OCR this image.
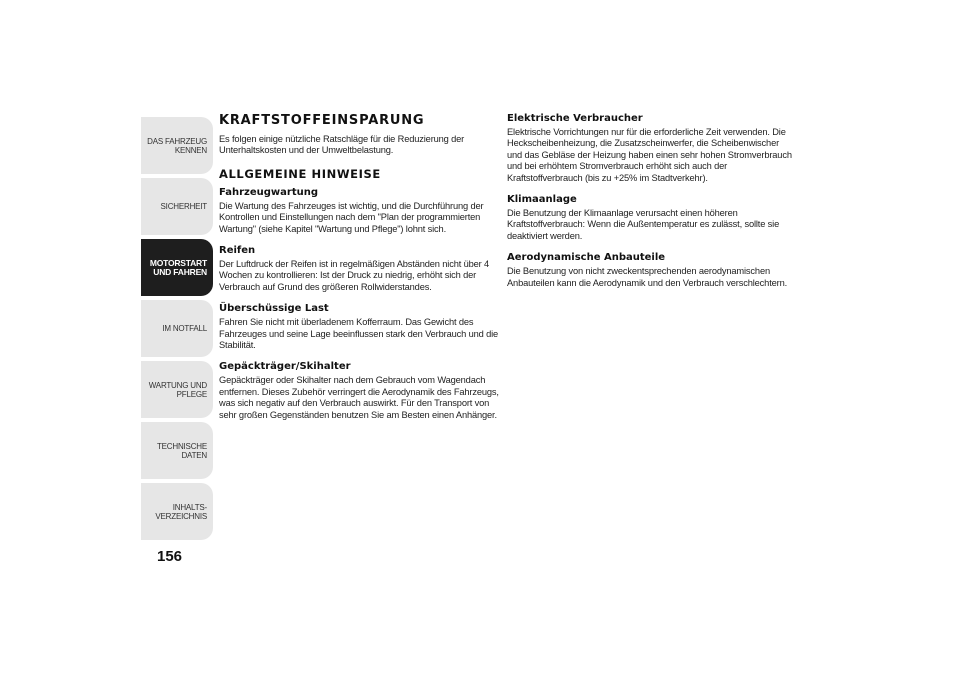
DAS FAHRZEUG
KENNEN
SICHERHEIT
MOTORSTART
UND FAHREN
IM NOTFALL
WARTUNG UND
PFLEGE
TECHNISCHE DATEN
INHALTS-
VERZEICHNIS
156
KRAFTSTOFFEINSPARUNG

Es folgen einige nützliche Ratschläge für die Reduzierung der Unterhaltskosten und der Umweltbelastung.

ALLGEMEINE HINWEISE
Fahrzeugwartung

Die Wartung des Fahrzeuges ist wichtig, und die Durchführung der Kontrollen und Einstellungen nach dem "Plan der programmierten Wartung" (siehe Kapitel "Wartung und Pflege") lohnt sich.

Reifen

Der Luftdruck der Reifen ist in regelmäßigen Abständen nicht über 4 Wochen zu kontrollieren: Ist der Druck zu niedrig, erhöht sich der Verbrauch auf Grund des größeren Rollwiderstandes.

Überschüssige Last

Fahren Sie nicht mit überladenem Kofferraum. Das Gewicht des Fahrzeuges und seine Lage beeinflussen stark den Verbrauch und die Stabilität.

Gepäckträger/Skihalter

Gepäckträger oder Skihalter nach dem Gebrauch vom Wagendach entfernen. Dieses Zubehör verringert die Aerodynamik des Fahrzeugs, was sich negativ auf den Verbrauch auswirkt. Für den Transport von sehr großen Gegenständen benutzen Sie am Besten einen Anhänger.

Elektrische Verbraucher

Elektrische Vorrichtungen nur für die erforderliche Zeit verwenden. Die Heckscheibenheizung, die Zusatzscheinwerfer, die Scheibenwischer und das Gebläse der Heizung haben einen sehr hohen Stromverbrauch und bei erhöhtem Stromverbrauch erhöht sich auch der Kraftstoffverbrauch (bis zu +25% im Stadtverkehr).

Klimaanlage

Die Benutzung der Klimaanlage verursacht einen höheren Kraftstoffverbrauch: Wenn die Außentemperatur es zulässt, sollte sie deaktiviert werden.

Aerodynamische Anbauteile

Die Benutzung von nicht zweckentsprechenden aerodynamischen Anbauteilen kann die Aerodynamik und den Verbrauch verschlechtern.
